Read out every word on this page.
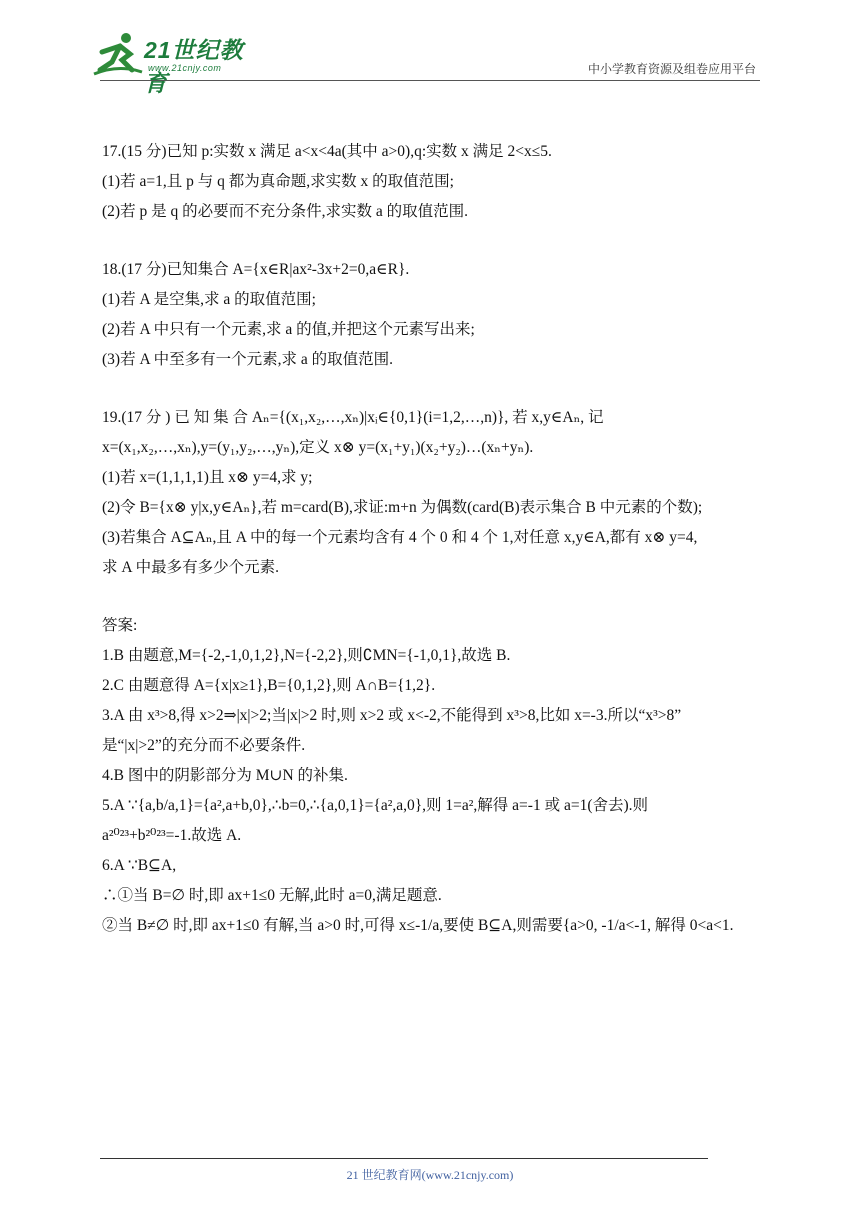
21世纪教育
www.21cnjy.com	中小学教育资源及组卷应用平台
17.(15 分)已知 p:实数 x 满足 a<x<4a(其中 a>0),q:实数 x 满足 2<x≤5.
(1)若 a=1,且 p 与 q 都为真命题,求实数 x 的取值范围;
(2)若 p 是 q 的必要而不充分条件,求实数 a 的取值范围.
18.(17 分)已知集合 A={x∈R|ax²-3x+2=0,a∈R}.
(1)若 A 是空集,求 a 的取值范围;
(2)若 A 中只有一个元素,求 a 的值,并把这个元素写出来;
(3)若 A 中至多有一个元素,求 a 的取值范围.
19.(17 分 ) 已 知 集 合 Aₙ={(x₁,x₂,…,xₙ)|xᵢ∈{0,1}(i=1,2,…,n)}, 若 x,y∈Aₙ, 记
x=(x₁,x₂,…,xₙ),y=(y₁,y₂,…,yₙ),定义 x⊗ y=(x₁+y₁)(x₂+y₂)…(xₙ+yₙ).
(1)若 x=(1,1,1,1)且 x⊗ y=4,求 y;
(2)令 B={x⊗ y|x,y∈Aₙ},若 m=card(B),求证:m+n 为偶数(card(B)表示集合 B 中元素的个数);
(3)若集合 A⊆Aₙ,且 A 中的每一个元素均含有 4 个 0 和 4 个 1,对任意 x,y∈A,都有 x⊗ y=4,
求 A 中最多有多少个元素.
答案:
1.B 由题意,M={-2,-1,0,1,2},N={-2,2},则∁MN={-1,0,1},故选 B.
2.C 由题意得 A={x|x≥1},B={0,1,2},则 A∩B={1,2}.
3.A 由 x³>8,得 x>2⇒|x|>2;当|x|>2 时,则 x>2 或 x<-2,不能得到 x³>8,比如 x=-3.所以“x³>8”
是“|x|>2”的充分而不必要条件.
4.B 图中的阴影部分为 M∪N 的补集.
5.A ∵{a,b/a,1}={a²,a+b,0},∴b=0,∴{a,0,1}={a²,a,0},则 1=a²,解得 a=-1 或 a=1(舍去).则
a²⁰²³+b²⁰²³=-1.故选 A.
6.A ∵B⊆A,
∴①当 B=∅ 时,即 ax+1≤0 无解,此时 a=0,满足题意.
②当 B≠∅ 时,即 ax+1≤0 有解,当 a>0 时,可得 x≤-1/a,要使 B⊆A,则需要{a>0, -1/a<-1, 解得 0<a<1.
21 世纪教育网(www.21cnjy.com)
